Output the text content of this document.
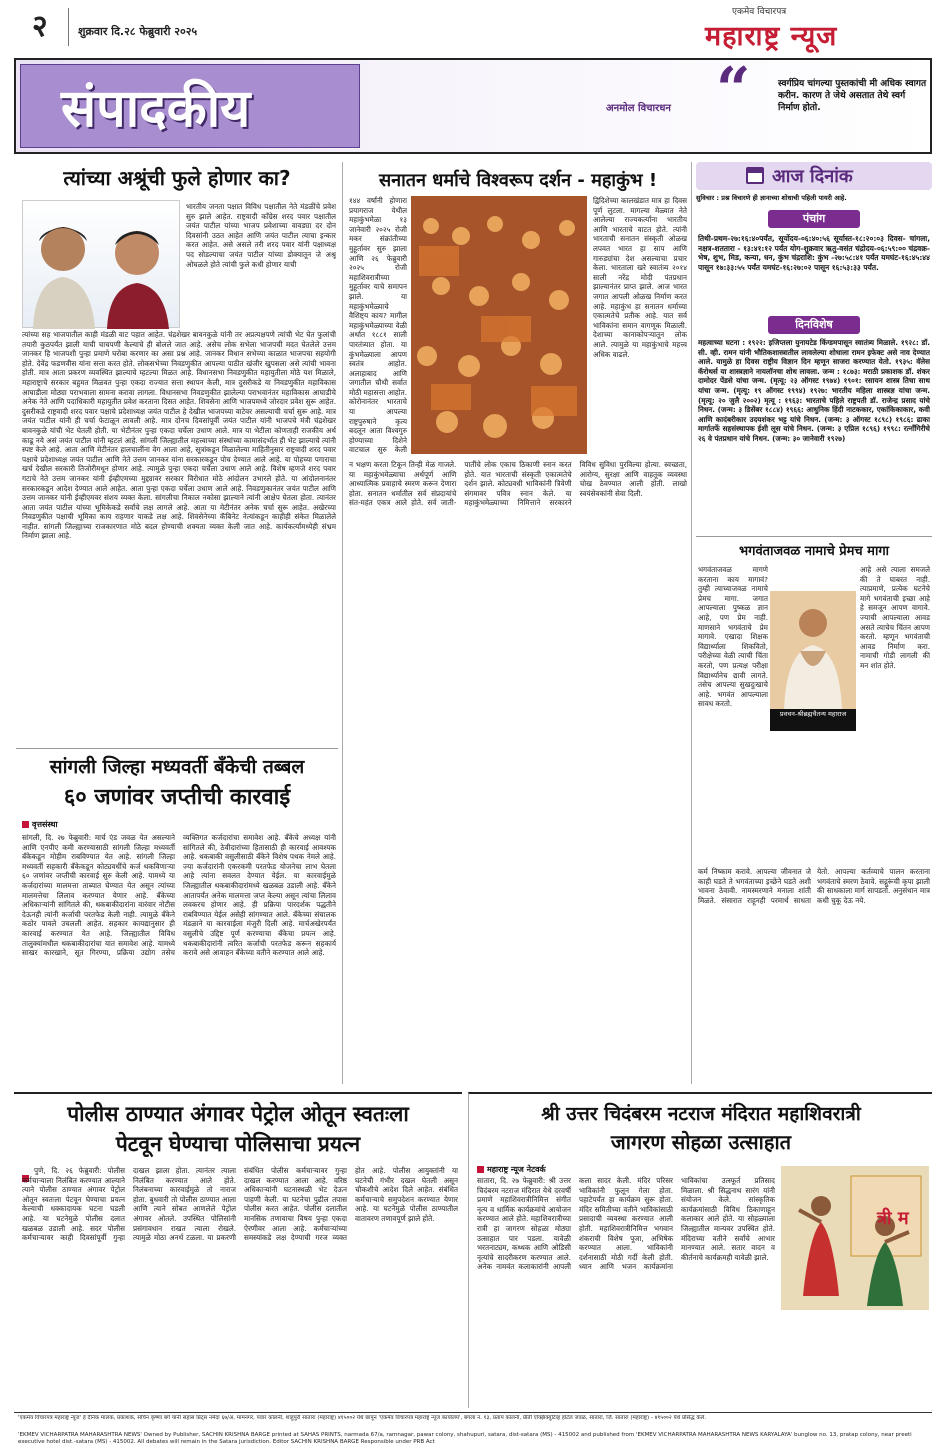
२	शुक्रवार दि.२८ फेब्रुवारी २०२५
एकमेव विचारपत्र
महाराष्ट्र न्यूज
संपादकीय	अनमोल विचारधन “	स्वर्गप्रिय चांगल्या पुस्तकांची मी अधिक स्वागत करीन. कारण ते जेथे असतात तेथे स्वर्ग निर्माण होतो.
त्यांच्या अश्रूंची फुले होणार का?
भारतीय जनता पक्षात विविध पक्षातील नेते मंडळींचे प्रवेश सुरु झाले आहेत. राष्ट्रवादी काँग्रेस शरद पवार पक्षातील जयंत पाटील यांच्या भाजप प्रवेशाच्या वावड्या दर दोन दिवसांनी उठत आहेत आणि जयंत पाटील त्याचा इन्कार करत आहेत. असे असले तरी शरद पवार यांनी पक्षाध्यक्ष पद सोडल्याचा जयंत पाटील यांच्या डोक्यातून जे अश्रू ओघळले होते त्यांची फुले कधी होणार याची
त्यांच्या सह भाजपातील काही मंडळी वाट पहात आहेत. चंद्रशेखर बावनकुळे यांनी तर अप्रत्यक्षपणे त्यांची भेट घेत फुलांची तयारी कुठपर्यंत झाली याची चाचपणी केल्याचे ही बोलले जात आहे. असेच लोक सभेला भाजपची मदत घेतलेले उत्तम जानकर हि भाजपशी पुन्हा प्रमाणे घरोबा करणार का असा प्रश्न आहे. जानकर विधान सभेच्या काळात भाजपचा सहयोगी होते. देवेंद्र फडणवीस यांना सत्ता करत होते. लोकसभेच्या निवडणुकीत आपल्या पाठीत खंजीर खुपसला असे त्यांची भावना होती. मात्र आता प्रकरण व्यवस्थित झाल्याचे म्हटल्या मिळत आहे. विधानसभा निवडणुकीत महायुतीला मोठे यश मिळाले, महाराष्ट्राचे सरकार बहुमत मिळवत पुन्हा एकदा राज्यात सत्ता स्थापन केली, मात्र दुसरीकडे या निवडणुकीत महाविकास आघाडीला मोठ्या पराभवाला सामना करावा लागला. विधानसभा निवडणुकीत झालेल्या पराभवानंतर महाविकास आघाडीचे अनेक नेते आणि पदाधिकारी महायुतीत प्रवेश करताना दिसत आहेत. शिवसेना आणि भाजपमध्ये जोरदार प्रवेश सुरू आहेत. दुसरीकडे राष्ट्रवादी शरद पवार पक्षाचे प्रदेशाध्यक्ष जयंत पाटील हे देखील भाजपच्या वाटेवर असल्याची चर्चा सुरू आहे. मात्र जयंत पाटील यांनी ही चर्चा फेटाळून लावली आहे. मात्र दोनच दिवसांपूर्वी जयंत पाटील यांनी भाजपचे मंत्री चंद्रशेखर बावनकुळे यांची भेट घेतली होती. या भेटीनंतर पुन्हा एकदा चर्चेला उधाण आले. मात्र या भेटीला कोणताही राजकीय अर्थ काढू नये असं जयंत पाटील यांनी म्हटलं आहे. सांगली जिल्ह्यातील महत्त्वाच्या संस्थांच्या कामासंदर्भात ही भेट झाल्याचे त्यांनी स्पष्ट केले आहे. आता आणि मेटीनंतर हालचालींना वेग आला आहे, सूत्रांकडून मिळालेल्या माहितीनुसार राष्ट्रवादी शरद पवार पक्षाचे प्रदेशाध्यक्ष जयंत पाटील आणि नेते उत्तम जानकर यांना सरकारकडून पोच देण्यात आले आहे. या पोहच्या पगाराचा खर्च देखील सरकारी तिजोरीमधून होणार आहे. त्यामुळे पुन्हा एकदा चर्चेला उधाण आले आहे. विशेष म्हणजे शरद पवार गटाचे नेते उत्तम जानकर यांनी ईव्हीएमच्या मुद्द्यावर सरकार विरोधात मोठे आंदोलन उभारले होते. या आंदोलनानंतर सरकारकडून आदेश देण्यात आले आहेत. आता पुन्हा एकदा चर्चेला उधाण आले आहे. निवडणुकानंतर जयंत पाटील आणि उत्तम जानकर यांनी ईव्हीएमवर संशय व्यक्त केला. सांगलीचा निकाल नकोसा झाल्याने त्यांनी आक्षेप घेतला होता. त्यानंतर आता जयंत पाटील यांच्या भूमिकेकडे सर्वांचे लक्ष लागले आहे. आता या मेटीनंतर अनेक चर्चा सुरू आहेत. अखेरच्या निवडणुकीत पक्षाची भूमिका काय राहणार याकडे लक्ष आहे. शिवसेनेच्या कॅबिनेट नेत्यांकडून काहीही संकेत मिळालेले नाहीत. सांगली जिल्ह्याच्या राजकारणात मोठे बदल होण्याची शक्यता व्यक्त केली जात आहे. कार्यकर्त्यांमध्येही संभ्रम निर्माण झाला आहे.
सांगली जिल्हा मध्यवर्ती बँकेची तब्बल
६० जणांवर जप्तीची कारवाई
वृत्तसंस्था
सांगली, दि. २७ फेब्रुवारी: मार्च एंड जवळ येत असल्याने आणि एनपीए कमी करण्यासाठी सांगली जिल्हा मध्यवर्ती बँकेकडून मोहीम राबविण्यात येत आहे. सांगली जिल्हा मध्यवर्ती सहकारी बँकेकडून कोट्यवधींचे कर्ज थकविणाऱ्या ६० जणांवर जप्तीची कारवाई सुरु केली आहे. यामध्ये या कर्जदारांच्या मालमत्ता ताब्यात घेण्यात येत असून त्यांच्या मालमत्तेचा लिलाव करण्यात येणार आहे. बँकेच्या अधिकाऱ्यांनी सांगितले की, थकबाकीदारांना वारंवार नोटीस देऊनही त्यांनी कर्जाची परतफेड केली नाही. त्यामुळे बँकेने कठोर पावले उचलली आहेत. सहकार कायद्यानुसार ही कारवाई करण्यात येत आहे. जिल्ह्यातील विविध तालुक्यांमधील थकबाकीदारांचा यात समावेश आहे. यामध्ये साखर कारखाने, सूत गिरण्या, प्रक्रिया उद्योग तसेच व्यक्तिगत कर्जदारांचा समावेश आहे. बँकेचे अध्यक्ष यांनी सांगितले की, ठेवीदारांच्या हितासाठी ही कारवाई आवश्यक आहे. थकबाकी वसुलीसाठी बँकेने विशेष पथक नेमले आहे. ज्या कर्जदारांनी एकरकमी परतफेड योजनेचा लाभ घेतला आहे त्यांना सवलत देण्यात येईल. या कारवाईमुळे जिल्ह्यातील थकबाकीदारांमध्ये खळबळ उडाली आहे. बँकेने आतापर्यंत अनेक मालमत्ता जप्त केल्या असून त्यांचा लिलाव लवकरच होणार आहे. ही प्रक्रिया पारदर्शक पद्धतीने राबविण्यात येईल असेही सांगण्यात आले. बँकेच्या संचालक मंडळाने या कारवाईला मंजुरी दिली आहे. मार्चअखेरपर्यंत वसुलीचे उद्दिष्ट पूर्ण करण्याचा बँकेचा प्रयत्न आहे. थकबाकीदारांनी त्वरित कर्जाची परतफेड करून सहकार्य करावे असे आवाहन बँकेच्या वतीने करण्यात आले आहे.
सनातन धर्माचे विश्वरूप दर्शन - महाकुंभ !
१४४ वर्षांनी होणारा प्रयागराज येथील महाकुंभमेळा १३ जानेवारी २०२५ रोजी मकर संक्रांतीच्या मुहूर्तावर सुरु झाला आणि २६ फेब्रुवारी २०२५ रोजी महाशिवरात्रीच्या मुहूर्तावर याचे समापन झाले. या महाकुंभमेळ्याचे वैशिष्ट्य काय? मागील महाकुंभमेळ्याच्या वेळी अर्थात १८८१ साली पारतंत्र्यात होता. या कुंभमेळ्याला आपण स्वतंत्र आहोत. अलाहाबाद आणि जगातील चौथी सर्वात मोठी महासत्ता आहोत. कोरोनानंतर भारताचे या आपल्या राष्ट्रपुरुषाने कृत्य बदलून आता विश्वगुरु होण्याच्या दिशेने वाटचाल सुरु केली
द्विदिशेच्या कालखंडात मात्र हा दिवस पूर्ण लुटला. मागल्या मेळ्यात नेते आलेल्या राज्यकर्त्यांना भारतीय आणि भारताचे वाटत होते. त्यांनी भारताची सनातन संस्कृती ओळख लपवत भारत हा साप आणि गारुड्यांचा देश असल्याचा प्रचार केला. भारताला खरे स्वातंत्र्य २०१४ साली नरेंद्र मोदी पंतप्रधान झाल्यानंतर प्राप्त झाले. आज भारत जगात आपली ओळख निर्माण करत आहे. महाकुंभ हा सनातन धर्माच्या एकात्मतेचे प्रतीक आहे. यात सर्व भाविकांना समान वागणूक मिळाली. देशाच्या कानाकोपऱ्यातून लोक आले. त्यामुळे या महाकुंभाचे महत्त्व अधिक वाढले.
न भक्षण करता टिकून तिन्ही मेळ गाजले. या महाकुंभमेळ्याचा अर्थपूर्ण आणि आध्यात्मिक प्रवाहाचे स्मरण करून देणारा होता. सनातन धर्मातील सर्व संप्रदायांचे संत-महंत एकत्र आले होते. सर्व जाती-पातींचे लोक एकाच ठिकाणी स्नान करत होते. यात भारताची संस्कृती एकात्मतेचे दर्शन झाले. कोट्यवधी भाविकांनी त्रिवेणी संगमावर पवित्र स्नान केले. या महाकुंभमेळ्याच्या निमित्ताने सरकारने विविध सुविधा पुरविल्या होत्या. स्वच्छता, आरोग्य, सुरक्षा आणि वाहतूक व्यवस्था चोख ठेवण्यात आली होती. लाखो स्वयंसेवकांनी सेवा दिली.
आज दिनांक
सुविचार : प्रश्न विचारणे ही ज्ञानाच्या शोधाची पहिली पायरी आहे.
पंचांग
तिथी-प्रथम-२७:१६:४०पर्यंत, सूर्योदय-०६:४०:५६ सूर्यास्त-१८:२०:०३ दिवस- चांगला, नक्षत्र-शततारा - १३:४१:१२ पर्यंत योग-शुक्रवार ऋतु-वसंत चंद्रोदय-०६:५९:०० चंद्रवक्र-भेष, शुभ, मिड, कन्या, धन, कुंभ चंद्रराशि: कुंभ -२७:५८:४१ पर्यंत यमघंट-१६:४५:४४ पासून १७:३३:५५ पर्यंत यमघंट-१६:२७:०२ पासून १६:५३:३३ पर्यंत.
दिनविशेष
महत्वाच्या घटना : १९२२: इजिप्तला युनायटेड किंग्डमपासून स्वातंत्र्य मिळाले. १९२८: डॉ. सी. व्ही. रामन यांनी भौतिकशास्त्रातील लावलेल्या शोधाला रामन इफेक्ट असे नाव देण्यात आले. यामुळे हा दिवस राष्ट्रीय विज्ञान दिन म्हणून साजरा करण्यात येतो. १९३५: वॅलेस कॅरोथर्स या शास्त्रज्ञाने नायलॉनचा शोध लावला. जन्म : १८७३: मराठी प्रकाशक डॉ. शंकर दामोदर पेंडसे यांचा जन्म. (मृत्यू: २३ ऑगस्ट १९७४) १९०१: रसायन शास्त्र तिचा साथ यांचा जन्म. (मृत्यू: १९ ऑगस्ट १९९४) १९२७: भारतीय महिला शास्त्रज्ञ यांचा जन्म. (मृत्यू: २० जुलै २००२) मृत्यू : १९६३: भारताचे पहिले राष्ट्रपती डॉ. राजेन्द्र प्रसाद यांचे निधन. (जन्म: ३ डिसेंबर १८८४) १९६६: आधुनिक हिंदी नाटककार, एकांकिकाकार, कवी आणि कादंबरीकार उदयशंकर भट्ट यांचे निधन. (जन्म: ३ ऑगस्ट १८९८) १९८६: ढाका मार्गातर्फे सहसंस्थापक ईशी लूस यांचे निधन. (जन्म: ३ एप्रिल १८९६) १९९८: रत्नाँगिरीचे २६ वे पंतप्रधान यांचे निधन. (जन्म: ३० जानेवारी १९२७)
भगवंताजवळ नामाचे प्रेमच मागा
भगवंताजवळ मागणे करताना काय मागावं? तुम्ही त्याच्याजवळ नामाचे प्रेमच मागा. जगात आपल्याला पुष्कळ ज्ञान आहे, पण प्रेम नाही. माणसाने भगवंताचे प्रेम मागावे. एखादा शिक्षक विद्यार्थ्याला शिकवितो, परीक्षेच्या वेळी त्याची चिंता करतो, पण प्रत्यक्ष परीक्षा विद्यार्थ्यानेच द्यावी लागते. तसेच आपल्या सुखदुःखाचे आहे. भगवंत आपल्याला सावध करतो.
प्रवचन-श्रीब्रह्मचैतन्य महाराज
आहे असे त्याला समजले की ते घाबरत नाही. त्याप्रमाणे, प्रत्येक घटनेचे मागे भगवंताची इच्छा आहे हे समजून आपण वागावे. ज्याची आपल्याला आवड असते त्याचेच चिंतन आपण करतो. म्हणून भगवंताची आवड निर्माण करा. नामाची गोडी लागली की मन शांत होते.
कर्म निष्काम करावे. आपल्या जीवनात जे काही घडते ते भगवंताच्या इच्छेने घडते अशी भावना ठेवावी. नामस्मरणाने मनाला शांती मिळते. संसारात राहूनही परमार्थ साधता येतो. आपल्या कर्तव्याचे पालन करताना भगवंताचे स्मरण ठेवावे. सद्गुरूंची कृपा झाली की साधकाला मार्ग सापडतो. अनुसंधान मात्र कधी चुकू देऊ नये.
पोलीस ठाण्यात अंगावर पेट्रोल ओतून स्वतःला
पेटवून घेण्याचा पोलिसाचा प्रयत्न
पुणे, दि. २६ फेब्रुवारी: पोलीस कर्मचाऱ्याला निलंबित करण्यात आल्याने त्याने पोलीस ठाण्यात अंगावर पेट्रोल ओतून स्वतःला पेटवून घेण्याचा प्रयत्न केल्याची धक्कादायक घटना घडली आहे. या घटनेमुळे पोलीस दलात खळबळ उडाली आहे. सदर पोलीस कर्मचाऱ्यावर काही दिवसांपूर्वी गुन्हा दाखल झाला होता. त्यानंतर त्याला निलंबित करण्यात आले होते. निलंबनाच्या कारवाईमुळे तो नाराज होता. बुधवारी तो पोलीस ठाण्यात आला आणि त्याने सोबत आणलेले पेट्रोल अंगावर ओतले. उपस्थित पोलिसांनी प्रसंगावधान राखत त्याला रोखले. त्यामुळे मोठा अनर्थ टळला. या प्रकरणी संबंधित पोलीस कर्मचाऱ्यावर गुन्हा दाखल करण्यात आला आहे. वरिष्ठ अधिकाऱ्यांनी घटनास्थळी भेट देऊन पाहणी केली. या घटनेचा पुढील तपास पोलीस करत आहेत. पोलीस दलातील मानसिक तणावाचा विषय पुन्हा एकदा ऐरणीवर आला आहे. कर्मचाऱ्यांच्या समस्यांकडे लक्ष देण्याची गरज व्यक्त होत आहे. पोलीस आयुक्तांनी या घटनेची गंभीर दखल घेतली असून चौकशीचे आदेश दिले आहेत. संबंधित कर्मचाऱ्याचे समुपदेशन करण्यात येणार आहे. या घटनेमुळे पोलीस ठाण्यातील वातावरण तणावपूर्ण झाले होते.
श्री उत्तर चिदंबरम नटराज मंदिरात महाशिवरात्री
जागरण सोहळा उत्साहात
महाराष्ट्र न्यूज नेटवर्क
सातारा, दि. २७ फेब्रुवारी: श्री उत्तर चिदंबरम नटराज मंदिरात येथे दरवर्षी प्रमाणे महाशिवरात्रीनिमित्त संगीत नृत्य व धार्मिक कार्यक्रमांचे आयोजन करण्यात आले होते. महाशिवरात्रीच्या रात्री हा जागरण सोहळा मोठ्या उत्साहात पार पडला. यावेळी भरतनाट्यम, कथ्थक आणि ओडिसी नृत्यांचे सादरीकरण करण्यात आले. अनेक नामवंत कलाकारांनी आपली कला सादर केली. मंदिर परिसर भाविकांनी फुलून गेला होता. पहाटेपर्यंत हा कार्यक्रम सुरू होता. मंदिर समितीच्या वतीने भाविकांसाठी प्रसादाची व्यवस्था करण्यात आली होती. महाशिवरात्रीनिमित्त भगवान शंकराची विशेष पूजा, अभिषेक करण्यात आला. भाविकांनी दर्शनासाठी मोठी गर्दी केली होती. ध्यान आणि भजन कार्यक्रमांना भाविकांचा उत्स्फूर्त प्रतिसाद मिळाला. श्री सिद्धनाथ सारंग यांनी संयोजन केले. सांस्कृतिक कार्यक्रमांसाठी विविध ठिकाणाहून कलाकार आले होते. या सोहळ्याला जिल्ह्यातील मान्यवर उपस्थित होते. मंदिराच्या वतीने सर्वांचे आभार मानण्यात आले. सतार वादन व कीर्तनाचे कार्यक्रमही यावेळी झाले.
त्री म
'एकमेव विचारपत्र महाराष्ट्र न्यूज' हे दैनिक मालक, प्रकाशक, सचिन कृष्णा बर्गे यांनी सहास प्रिंट्स नर्मदा ६७/अ, मामनगर, पवार कॉलनी, शाहुपुरी सातारा (महाराष्ट्र) ४१५००२ येथे छापून 'एकमेव विचारपत्र महाराष्ट्र न्यूज कार्यालय', बंगला नं. १३, प्रताप कॉलनी, प्रीती एक्झिक्युटिव्ह हॉटेल जवळ, सातारा, जि. सातारा (महाराष्ट्र) - ४१५००२ येथे प्रसिद्ध केले.
'EKMEV VICHARPATRA MAHARASHTRA NEWS' Owned by Publisher, SACHIN KRISHNA BARGE printed at SAHAS PRINTS, narmada 67/a, ramnagar, pawar colony, shahupuri, satara, dist-satara (MS) - 415002 and published from 'EKMEV VICHARPATRA MAHARASHTRA NEWS KARYALAYA' bunglow no. 13, pratap colony, near preeti executive hotel dist.-satara (MS) - 415002. All debates will remain in the Satara jurisdiction. Editor SACHIN KRISHNA BARGE Responsible under PRB Act
